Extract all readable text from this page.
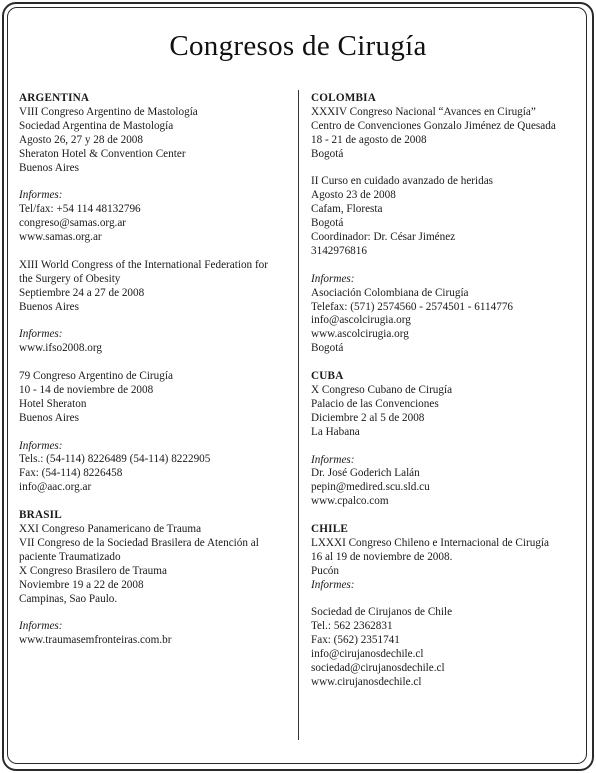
Congresos de Cirugía
ARGENTINA
VIII Congreso Argentino de Mastología
Sociedad Argentina de Mastología
Agosto 26, 27 y 28 de 2008
Sheraton Hotel & Convention Center
Buenos Aires
Informes:
Tel/fax: +54 114 48132796
congreso@samas.org.ar
www.samas.org.ar
XIII World Congress of the International Federation for
the Surgery of Obesity
Septiembre 24 a 27 de 2008
Buenos Aires
Informes:
www.ifso2008.org
79 Congreso Argentino de Cirugía
10 - 14 de noviembre de 2008
Hotel Sheraton
Buenos Aires
Informes:
Tels.: (54-114) 8226489 (54-114) 8222905
Fax: (54-114) 8226458
info@aac.org.ar
BRASIL
XXI Congreso Panamericano de Trauma
VII Congreso de la Sociedad Brasilera de Atención al
paciente Traumatizado
X Congreso Brasilero de Trauma
Noviembre 19 a 22 de 2008
Campinas, Sao Paulo.
Informes:
www.traumasemfronteiras.com.br
COLOMBIA
XXXIV Congreso Nacional “Avances en Cirugía”
Centro de Convenciones Gonzalo Jiménez de Quesada
18 - 21 de agosto de 2008
Bogotá
II Curso en cuidado avanzado de heridas
Agosto 23 de 2008
Cafam, Floresta
Bogotá
Coordinador: Dr. César Jiménez
3142976816
Informes:
Asociación Colombiana de Cirugía
Telefax: (571) 2574560 - 2574501 - 6114776
info@ascolcirugia.org
www.ascolcirugia.org
Bogotá
CUBA
X Congreso Cubano de Cirugía
Palacio de las Convenciones
Diciembre 2 al 5 de 2008
La Habana
Informes:
Dr. José Goderich Lalán
pepin@medired.scu.sld.cu
www.cpalco.com
CHILE
LXXXI Congreso Chileno e Internacional de Cirugía
16 al 19 de noviembre de 2008.
Pucón
Informes:
Sociedad de Cirujanos de Chile
Tel.: 562 2362831
Fax: (562) 2351741
info@cirujanosdechile.cl
sociedad@cirujanosdechile.cl
www.cirujanosdechile.cl
